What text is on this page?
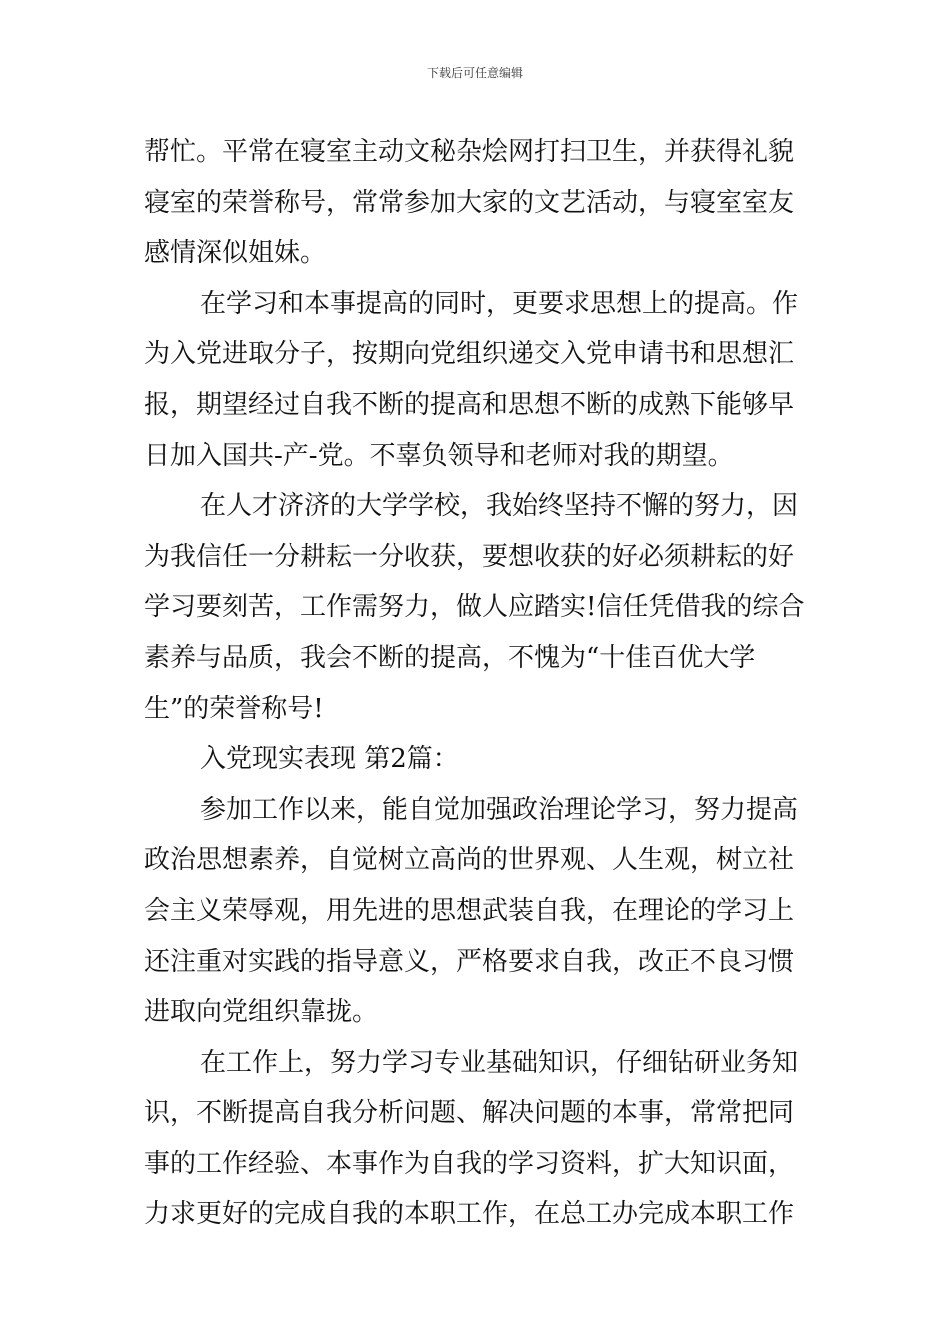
下载后可任意编辑
帮忙。平常在寝室主动文秘杂烩网打扫卫生，并获得礼貌
寝室的荣誉称号，常常参加大家的文艺活动，与寝室室友
感情深似姐妹。
在学习和本事提高的同时，更要求思想上的提高。作
为入党进取分子，按期向党组织递交入党申请书和思想汇
报，期望经过自我不断的提高和思想不断的成熟下能够早
日加入国共-产-党。不辜负领导和老师对我的期望。
在人才济济的大学学校，我始终坚持不懈的努力，因
为我信任一分耕耘一分收获，要想收获的好必须耕耘的好
学习要刻苦，工作需努力，做人应踏实!信任凭借我的综合
素养与品质，我会不断的提高，不愧为“十佳百优大学
生”的荣誉称号!
入党现实表现 第2篇：
参加工作以来，能自觉加强政治理论学习，努力提高
政治思想素养，自觉树立高尚的世界观、人生观，树立社
会主义荣辱观，用先进的思想武装自我，在理论的学习上
还注重对实践的指导意义，严格要求自我，改正不良习惯
进取向党组织靠拢。
在工作上，努力学习专业基础知识，仔细钻研业务知
识，不断提高自我分析问题、解决问题的本事，常常把同
事的工作经验、本事作为自我的学习资料，扩大知识面，
力求更好的完成自我的本职工作，在总工办完成本职工作
